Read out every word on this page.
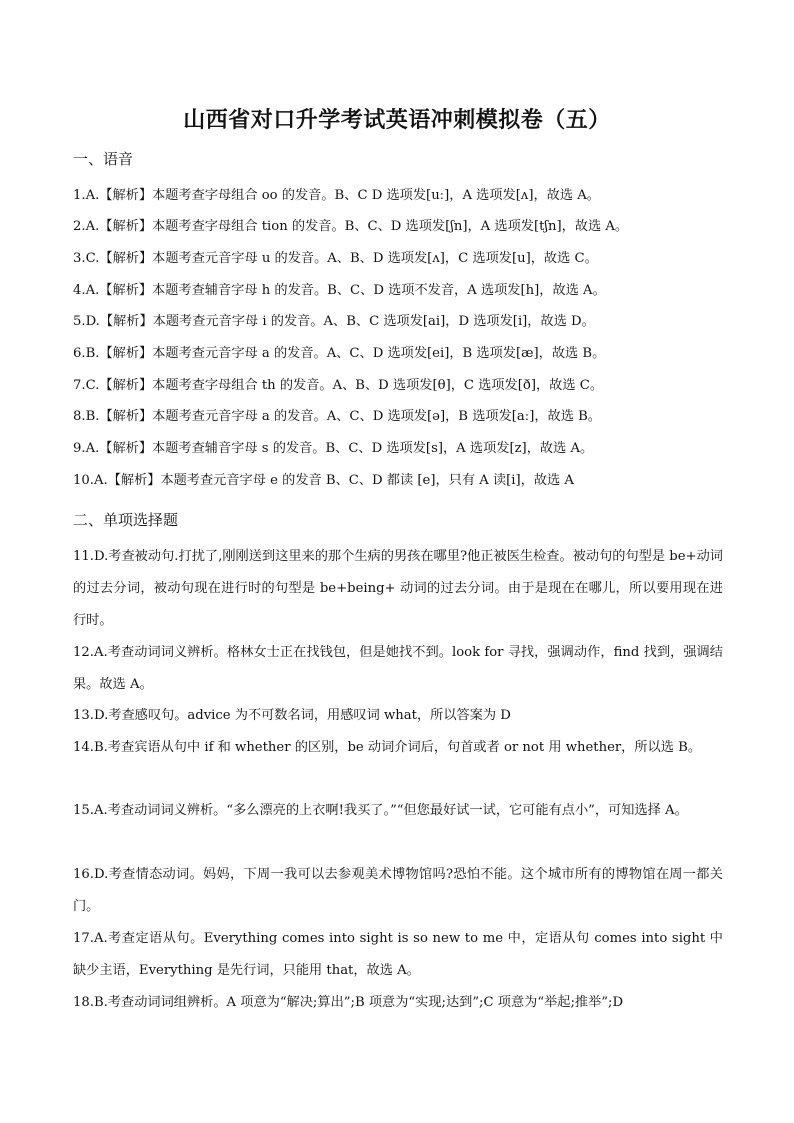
山西省对口升学考试英语冲刺模拟卷（五）
一、语音
1.A.【解析】本题考查字母组合 oo 的发音。B、C D 选项发[uː]，A 选项发[ʌ]，故选 A。
2.A.【解析】本题考查字母组合 tion 的发音。B、C、D 选项发[ʃn]，A 选项发[tʃn]，故选 A。
3.C.【解析】本题考查元音字母 u 的发音。A、B、D 选项发[ʌ]，C 选项发[u]，故选 C。
4.A.【解析】本题考查辅音字母 h 的发音。B、C、D 选项不发音，A 选项发[h]，故选 A。
5.D.【解析】本题考查元音字母 i 的发音。A、B、C 选项发[ai]，D 选项发[i]，故选 D。
6.B.【解析】本题考查元音字母 a 的发音。A、C、D 选项发[ei]，B 选项发[æ]，故选 B。
7.C.【解析】本题考查字母组合 th 的发音。A、B、D 选项发[θ]，C 选项发[ð]，故选 C。
8.B.【解析】本题考查元音字母 a 的发音。A、C、D 选项发[ə]，B 选项发[aː]，故选 B。
9.A.【解析】本题考查辅音字母 s 的发音。B、C、D 选项发[s]，A 选项发[z]，故选 A。
10.A.【解析】本题考查元音字母 e 的发音 B、C、D 都读 [e]，只有 A 读[i]，故选 A
二、单项选择题
11.D.考查被动句.打扰了,刚刚送到这里来的那个生病的男孩在哪里?他正被医生检查。被动句的句型是 be+动词的过去分词，被动句现在进行时的句型是 be+being+ 动词的过去分词。由于是现在在哪儿，所以要用现在进行时。
12.A.考查动词词义辨析。格林女士正在找钱包，但是她找不到。look for 寻找，强调动作，find 找到，强调结果。故选 A。
13.D.考查感叹句。advice 为不可数名词，用感叹词 what，所以答案为 D
14.B.考查宾语从句中 if 和 whether 的区别，be 动词介词后，句首或者 or not 用 whether，所以选 B。
15.A.考查动词词义辨析。“多么漂亮的上衣啊!我买了。”“但您最好试一试，它可能有点小”，可知选择 A。
16.D.考查情态动词。妈妈，下周一我可以去参观美术博物馆吗?恐怕不能。这个城市所有的博物馆在周一都关门。
17.A.考查定语从句。Everything comes into sight is so new to me 中，定语从句 comes into sight 中缺少主语，Everything 是先行词，只能用 that，故选 A。
18.B.考查动词词组辨析。A 项意为“解决;算出”;B 项意为“实现;达到”;C 项意为“举起;推举”;D
